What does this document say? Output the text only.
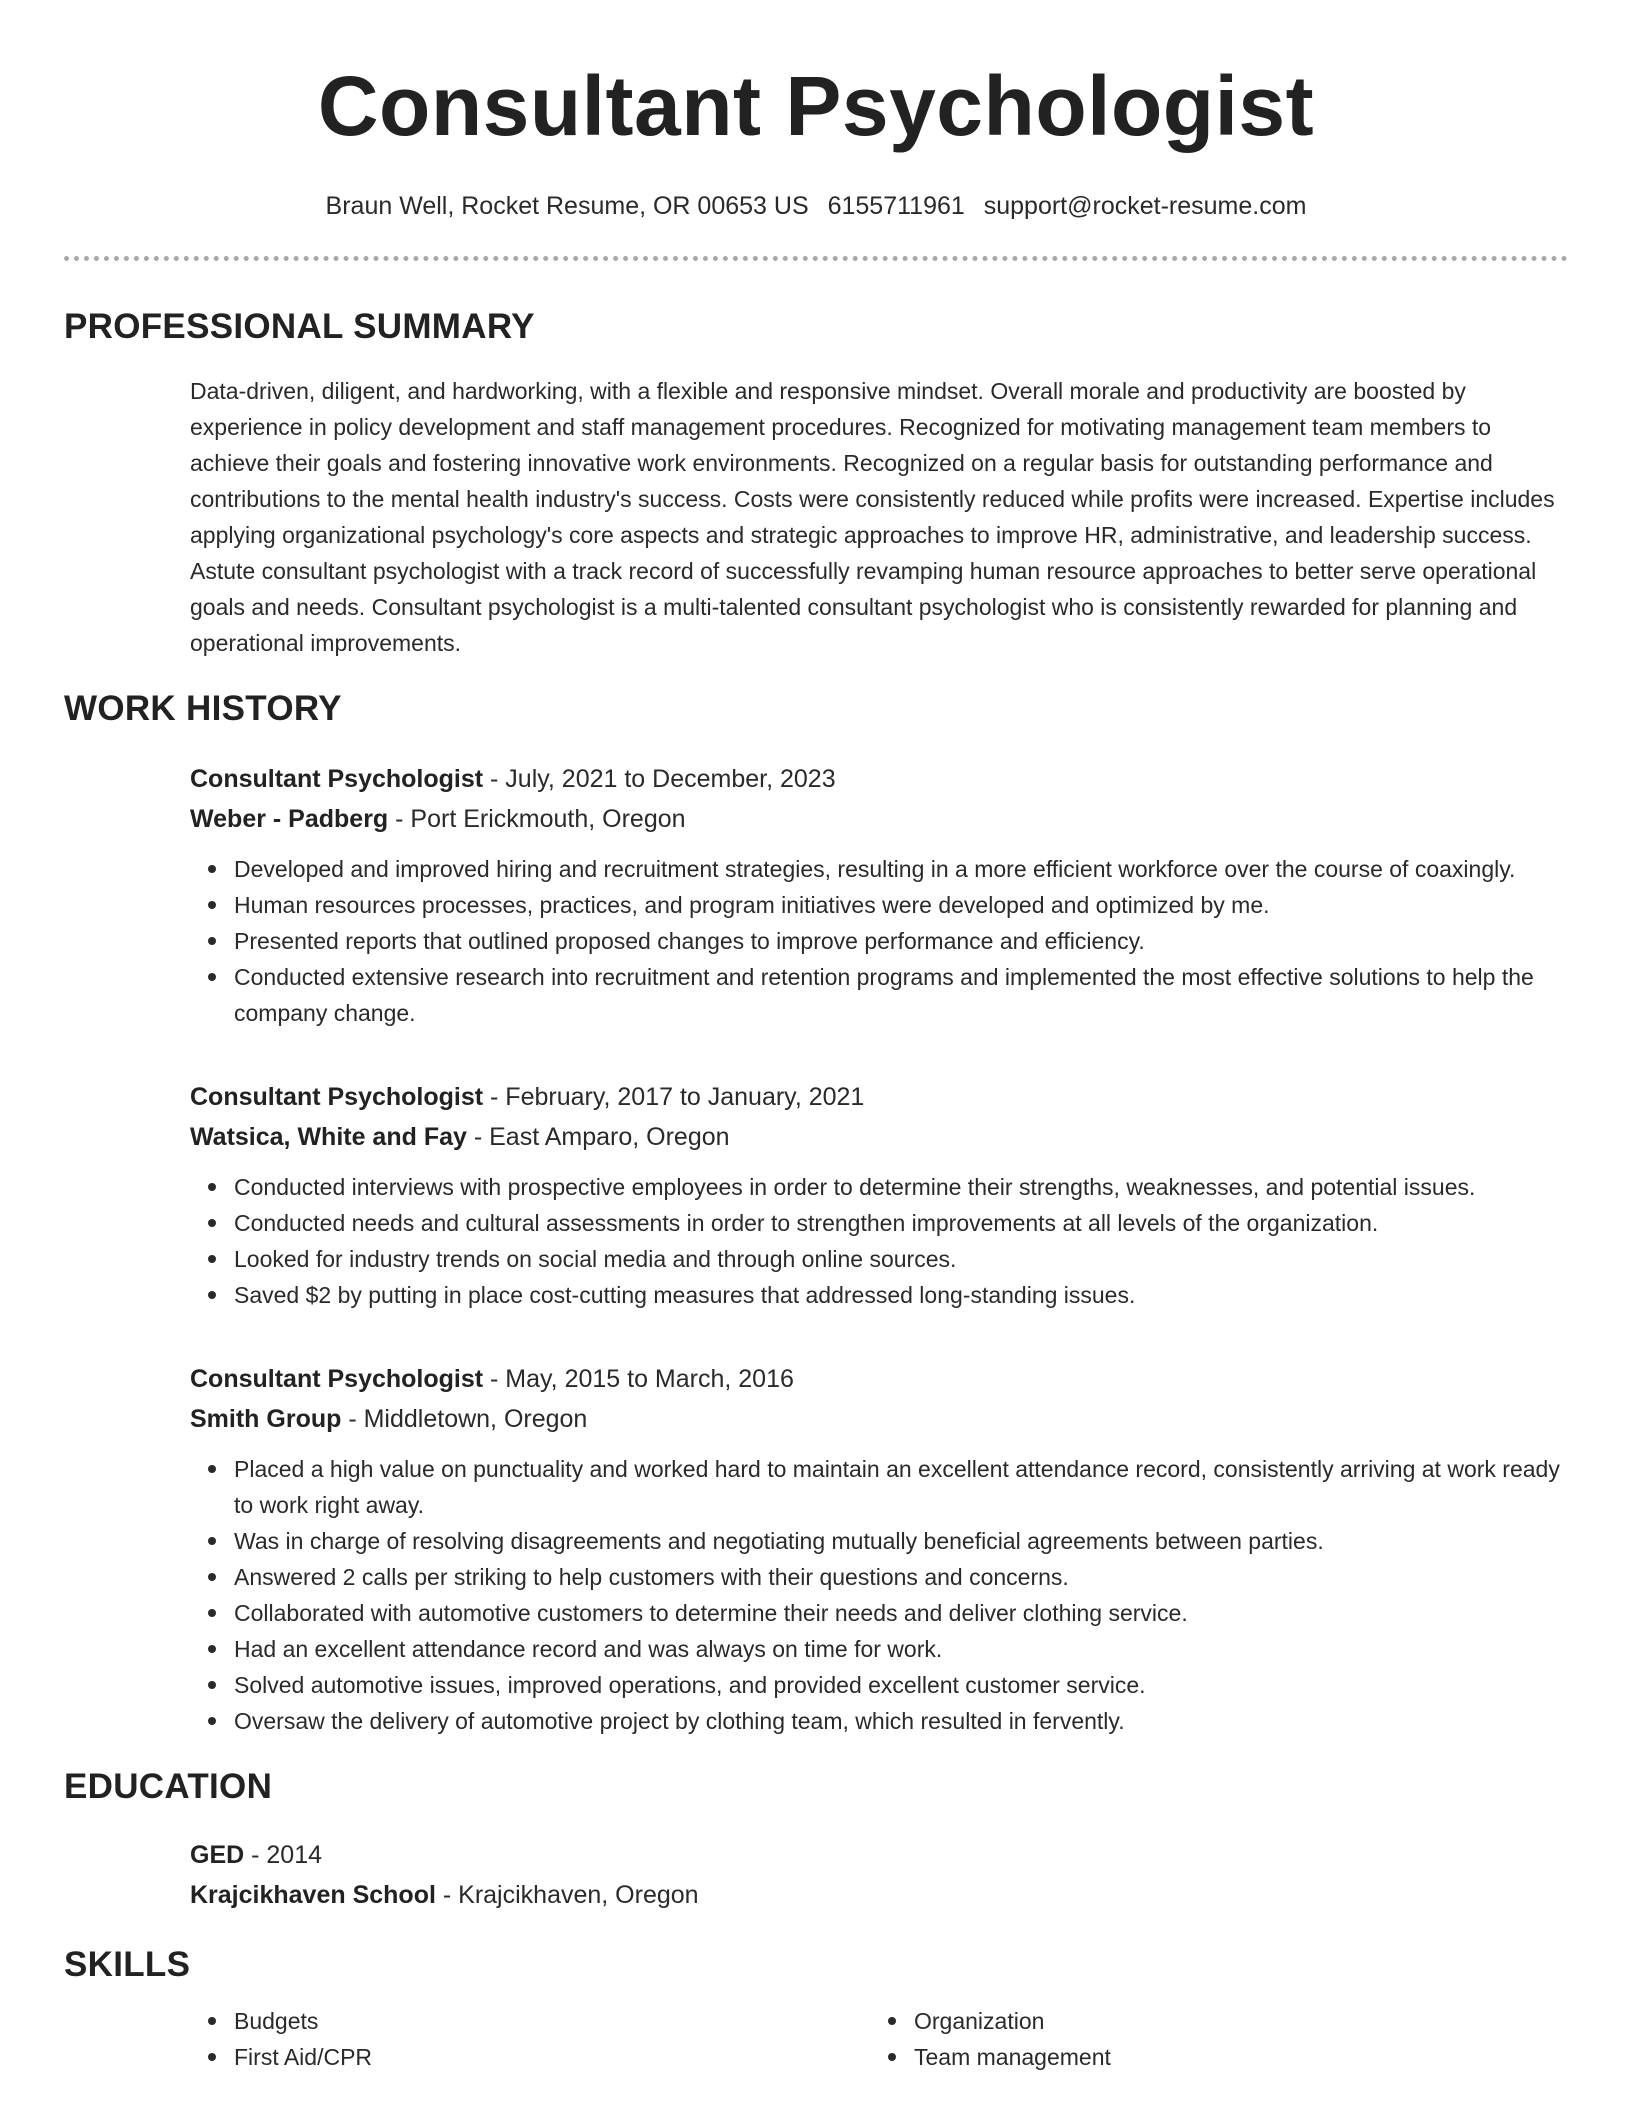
Consultant Psychologist
Braun Well, Rocket Resume, OR 00653 US 6155711961 support@rocket-resume.com
PROFESSIONAL SUMMARY

Data-driven, diligent, and hardworking, with a flexible and responsive mindset. Overall morale and productivity are boosted by experience in policy development and staff management procedures. Recognized for motivating management team members to achieve their goals and fostering innovative work environments. Recognized on a regular basis for outstanding performance and contributions to the mental health industry's success. Costs were consistently reduced while profits were increased. Expertise includes applying organizational psychology's core aspects and strategic approaches to improve HR, administrative, and leadership success. Astute consultant psychologist with a track record of successfully revamping human resource approaches to better serve operational goals and needs. Consultant psychologist is a multi-talented consultant psychologist who is consistently rewarded for planning and operational improvements.

WORK HISTORY
Consultant Psychologist - July, 2021 to December, 2023
Weber - Padberg - Port Erickmouth, Oregon
Developed and improved hiring and recruitment strategies, resulting in a more efficient workforce over the course of coaxingly.
Human resources processes, practices, and program initiatives were developed and optimized by me.
Presented reports that outlined proposed changes to improve performance and efficiency.
Conducted extensive research into recruitment and retention programs and implemented the most effective solutions to help the company change.
Consultant Psychologist - February, 2017 to January, 2021
Watsica, White and Fay - East Amparo, Oregon
Conducted interviews with prospective employees in order to determine their strengths, weaknesses, and potential issues.
Conducted needs and cultural assessments in order to strengthen improvements at all levels of the organization.
Looked for industry trends on social media and through online sources.
Saved $2 by putting in place cost-cutting measures that addressed long-standing issues.
Consultant Psychologist - May, 2015 to March, 2016
Smith Group - Middletown, Oregon
Placed a high value on punctuality and worked hard to maintain an excellent attendance record, consistently arriving at work ready to work right away.
Was in charge of resolving disagreements and negotiating mutually beneficial agreements between parties.
Answered 2 calls per striking to help customers with their questions and concerns.
Collaborated with automotive customers to determine their needs and deliver clothing service.
Had an excellent attendance record and was always on time for work.
Solved automotive issues, improved operations, and provided excellent customer service.
Oversaw the delivery of automotive project by clothing team, which resulted in fervently.
EDUCATION
GED - 2014
Krajcikhaven School - Krajcikhaven, Oregon
SKILLS
Budgets
First Aid/CPR
Organization
Team management
